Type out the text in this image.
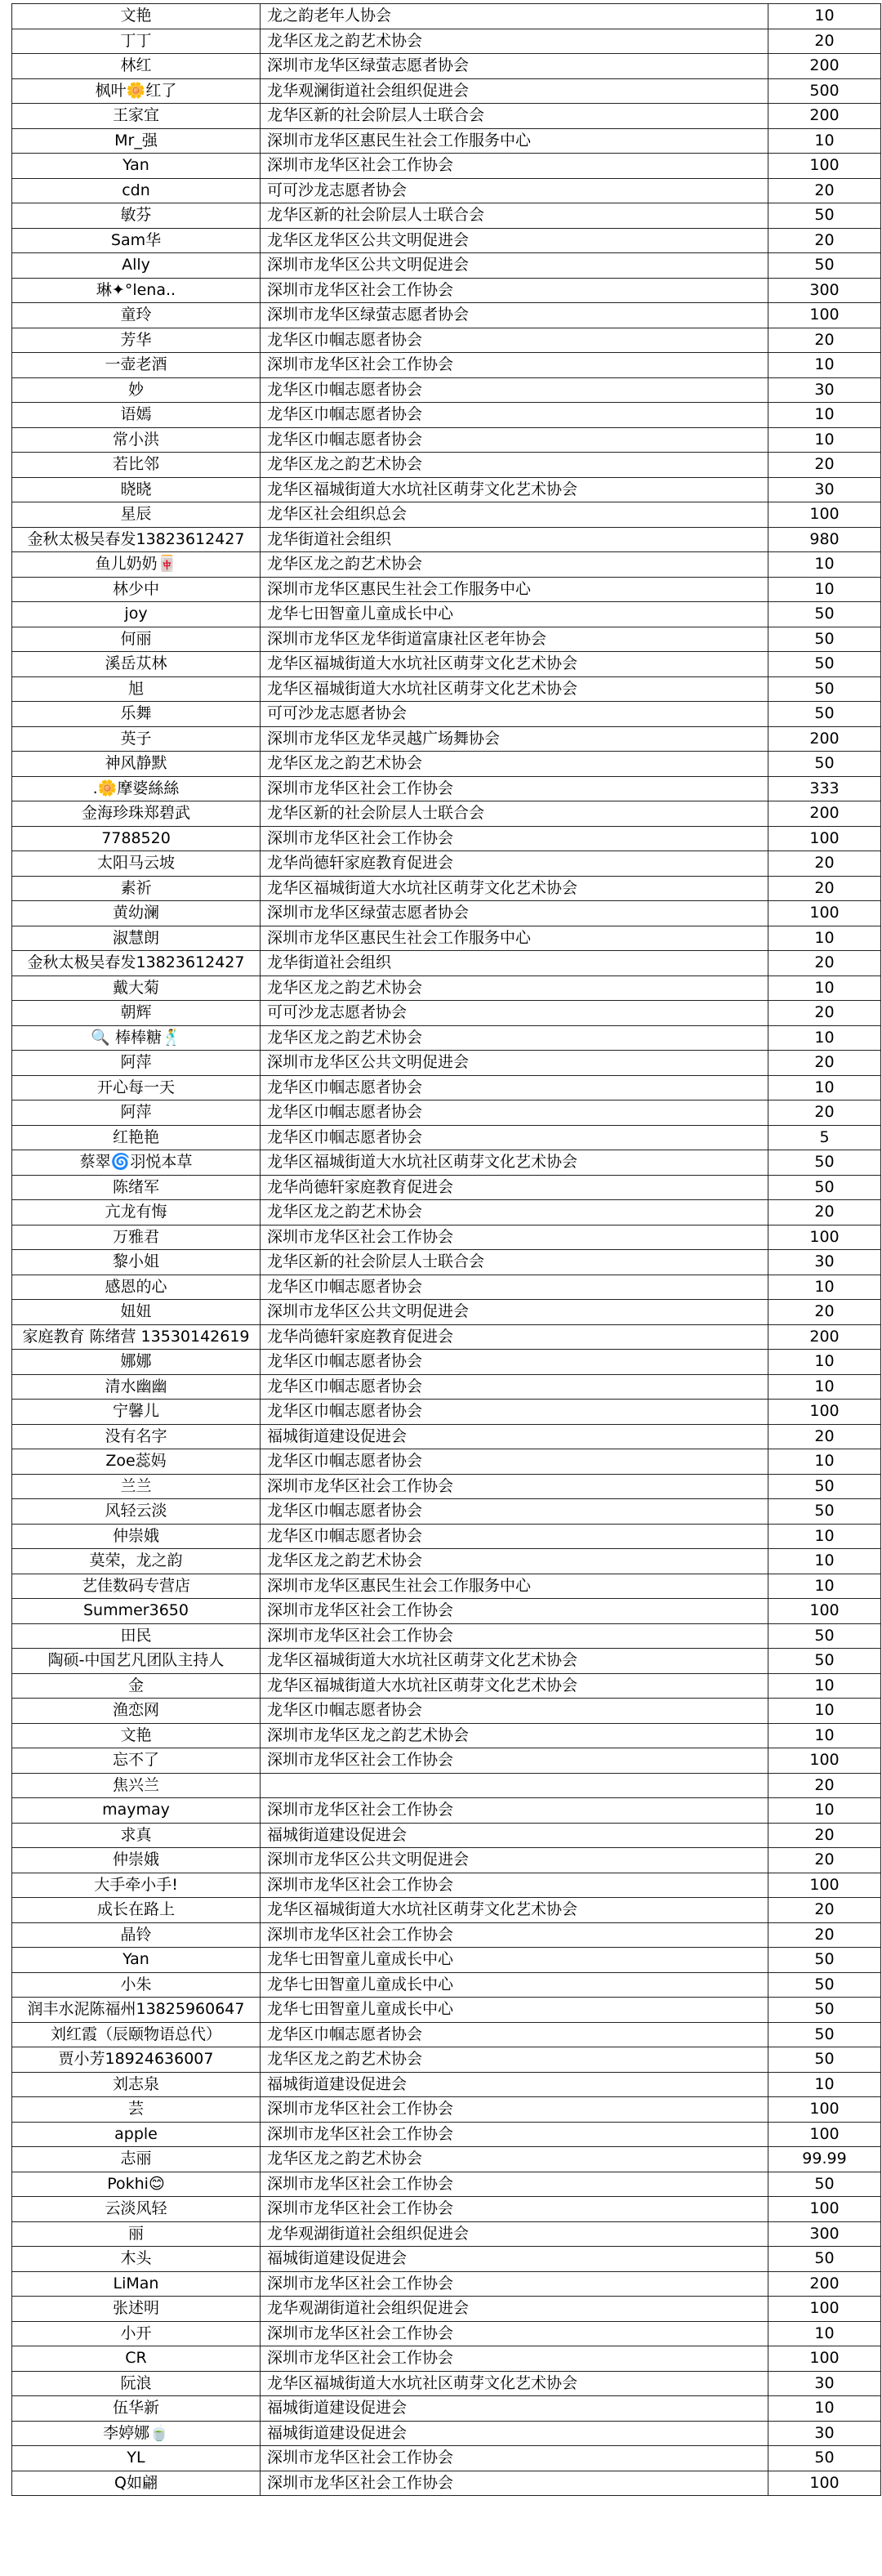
文艳	龙之韵老年人协会	10
丁丁	龙华区龙之韵艺术协会	20
林红	深圳市龙华区绿萤志愿者协会	200
枫叶🌼红了	龙华观澜街道社会组织促进会	500
王家宜	龙华区新的社会阶层人士联合会	200
Mr_强	深圳市龙华区惠民生社会工作服务中心	10
Yan	深圳市龙华区社会工作协会	100
cdn	可可沙龙志愿者协会	20
敏芬	龙华区新的社会阶层人士联合会	50
Sam华	龙华区龙华区公共文明促进会	20
Ally	深圳市龙华区公共文明促进会	50
琳✦°lena..	深圳市龙华区社会工作协会	300
童玲	深圳市龙华区绿萤志愿者协会	100
芳华	龙华区巾帼志愿者协会	20
一壶老酒	深圳市龙华区社会工作协会	10
妙	龙华区巾帼志愿者协会	30
语嫣	龙华区巾帼志愿者协会	10
常小洪	龙华区巾帼志愿者协会	10
若比邻	龙华区龙之韵艺术协会	20
晓晓	龙华区福城街道大水坑社区萌芽文化艺术协会	30
星辰	龙华区社会组织总会	100
金秋太极吴春发13823612427	龙华街道社会组织	980
鱼儿奶奶🀄	龙华区龙之韵艺术协会	10
林少中	深圳市龙华区惠民生社会工作服务中心	10
joy	龙华七田智童儿童成长中心	50
何丽	深圳市龙华区龙华街道富康社区老年协会	50
溪岳苁林	龙华区福城街道大水坑社区萌芽文化艺术协会	50
旭	龙华区福城街道大水坑社区萌芽文化艺术协会	50
乐舞	可可沙龙志愿者协会	50
英子	深圳市龙华区龙华灵越广场舞协会	200
神风静默	龙华区龙之韵艺术协会	50
.🌼摩婆絲絲	深圳市龙华区社会工作协会	333
金海珍珠郑碧武	龙华区新的社会阶层人士联合会	200
7788520	深圳市龙华区社会工作协会	100
太阳马云坡	龙华尚德轩家庭教育促进会	20
素祈	龙华区福城街道大水坑社区萌芽文化艺术协会	20
黄幼澜	深圳市龙华区绿萤志愿者协会	100
淑慧朗	深圳市龙华区惠民生社会工作服务中心	10
金秋太极吴春发13823612427	龙华街道社会组织	20
戴大菊	龙华区龙之韵艺术协会	10
朝辉	可可沙龙志愿者协会	20
🔍 棒棒糖🕺	龙华区龙之韵艺术协会	10
阿萍	深圳市龙华区公共文明促进会	20
开心每一天	龙华区巾帼志愿者协会	10
阿萍	龙华区巾帼志愿者协会	20
红艳艳	龙华区巾帼志愿者协会	5
蔡翠🌀羽悦本草	龙华区福城街道大水坑社区萌芽文化艺术协会	50
陈绪军	龙华尚德轩家庭教育促进会	50
亢龙有悔	龙华区龙之韵艺术协会	20
万雅君	深圳市龙华区社会工作协会	100
黎小姐	龙华区新的社会阶层人士联合会	30
感恩的心	龙华区巾帼志愿者协会	10
妞妞	深圳市龙华区公共文明促进会	20
家庭教育 陈绪营 13530142619	龙华尚德轩家庭教育促进会	200
娜娜	龙华区巾帼志愿者协会	10
清水幽幽	龙华区巾帼志愿者协会	10
宁馨儿	龙华区巾帼志愿者协会	100
没有名字	福城街道建设促进会	20
Zoe蕊妈	龙华区巾帼志愿者协会	10
兰兰	深圳市龙华区社会工作协会	50
风轻云淡	龙华区巾帼志愿者协会	50
仲崇娥	龙华区巾帼志愿者协会	10
莫荣，龙之韵	龙华区龙之韵艺术协会	10
艺佳数码专营店	深圳市龙华区惠民生社会工作服务中心	10
Summer3650	深圳市龙华区社会工作协会	100
田民	深圳市龙华区社会工作协会	50
陶硕-中国艺凡团队主持人	龙华区福城街道大水坑社区萌芽文化艺术协会	50
金	龙华区福城街道大水坑社区萌芽文化艺术协会	10
渔恋网	龙华区巾帼志愿者协会	10
文艳	深圳市龙华区龙之韵艺术协会	10
忘不了	深圳市龙华区社会工作协会	100
焦兴兰		20
maymay	深圳市龙华区社会工作协会	10
求真	福城街道建设促进会	20
仲崇娥	深圳市龙华区公共文明促进会	20
大手牵小手!	深圳市龙华区社会工作协会	100
成长在路上	龙华区福城街道大水坑社区萌芽文化艺术协会	20
晶铃	深圳市龙华区社会工作协会	20
Yan	龙华七田智童儿童成长中心	50
小朱	龙华七田智童儿童成长中心	50
润丰水泥陈福州13825960647	龙华七田智童儿童成长中心	50
刘红霞（辰颐物语总代）	龙华区巾帼志愿者协会	50
贾小芳18924636007	龙华区龙之韵艺术协会	50
刘志泉	福城街道建设促进会	10
芸	深圳市龙华区社会工作协会	100
apple	深圳市龙华区社会工作协会	100
志丽	龙华区龙之韵艺术协会	99.99
Pokhi😊	深圳市龙华区社会工作协会	50
云淡风轻	深圳市龙华区社会工作协会	100
丽	龙华观湖街道社会组织促进会	300
木头	福城街道建设促进会	50
LiMan	深圳市龙华区社会工作协会	200
张述明	龙华观湖街道社会组织促进会	100
小开	深圳市龙华区社会工作协会	10
CR	深圳市龙华区社会工作协会	100
阮浪	龙华区福城街道大水坑社区萌芽文化艺术协会	30
伍华新	福城街道建设促进会	10
李婷娜🍵	福城街道建设促进会	30
YL	深圳市龙华区社会工作协会	50
Q如翩	深圳市龙华区社会工作协会	100
